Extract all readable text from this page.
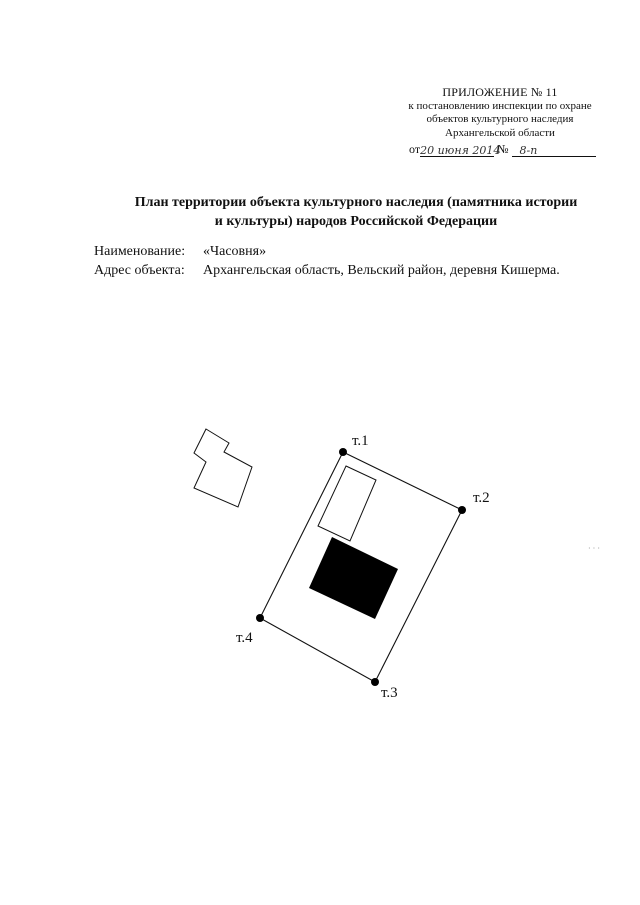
ПРИЛОЖЕНИЕ № 11
к постановлению инспекции по охране
объектов культурного наследия
Архангельской области
от20 июня 2014 № 8-п
План территории объекта культурного наследия (памятника истории
и культуры) народов Российской Федерации
Наименование: «Часовня»
Адрес объекта: Архангельская область, Вельский район, деревня Кишерма.
т.1
т.2
т.3
т.4
· · ·
